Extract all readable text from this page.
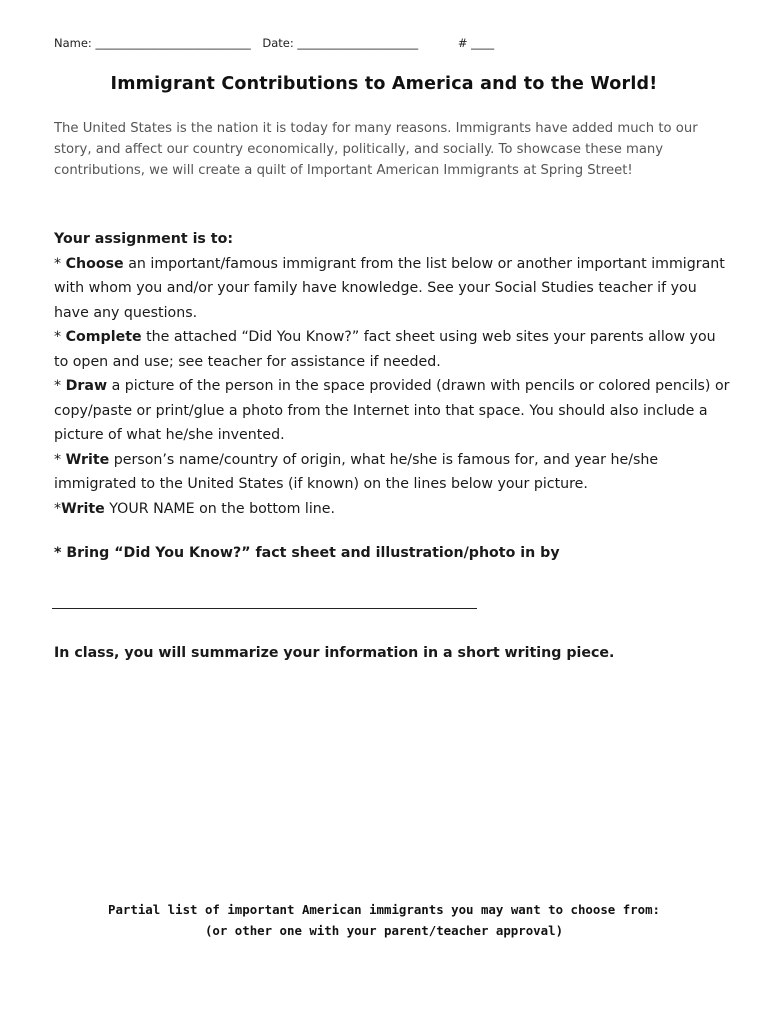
Name: ___________________________ Date: _____________________	# ____
Immigrant Contributions to America and to the World!
The United States is the nation it is today for many reasons. Immigrants have added much to our story, and affect our country economically, politically, and socially. To showcase these many contributions, we will create a quilt of Important American Immigrants at Spring Street!

Your assignment is to:

* Choose an important/famous immigrant from the list below or another important immigrant with whom you and/or your family have knowledge. See your Social Studies teacher if you have any questions.

* Complete the attached “Did You Know?” fact sheet using web sites your parents allow you to open and use; see teacher for assistance if needed.

* Draw a picture of the person in the space provided (drawn with pencils or colored pencils) or copy/paste or print/glue a photo from the Internet into that space. You should also include a picture of what he/she invented.

* Write person’s name/country of origin, what he/she is famous for, and year he/she immigrated to the United States (if known) on the lines below your picture.

*Write YOUR NAME on the bottom line.

* Bring “Did You Know?” fact sheet and illustration/photo in by
In class, you will summarize your information in a short writing piece.
Partial list of important American immigrants you may want to choose from:
(or other one with your parent/teacher approval)
